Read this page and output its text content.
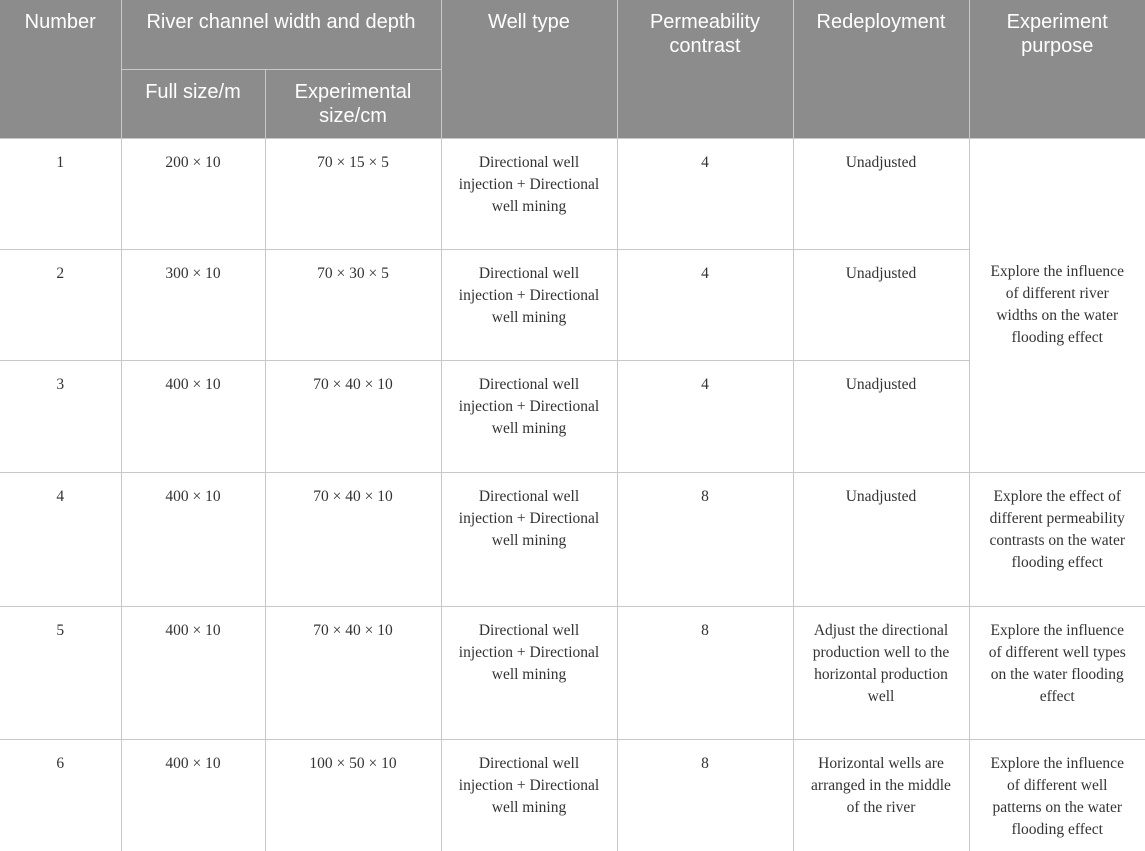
Number	River channel width and depth		Well type	Permeability contrast	Redeployment	Experiment purpose
	Full size/m	Experimental size/cm				
1	200 × 10	70 × 15 × 5	Directional well injection + Directional well mining	4	Unadjusted	Explore the influence of different river widths on the water flooding effect
2	300 × 10	70 × 30 × 5	Directional well injection + Directional well mining	4	Unadjusted	
3	400 × 10	70 × 40 × 10	Directional well injection + Directional well mining	4	Unadjusted	
4	400 × 10	70 × 40 × 10	Directional well injection + Directional well mining	8	Unadjusted	Explore the effect of different permeability contrasts on the water flooding effect
5	400 × 10	70 × 40 × 10	Directional well injection + Directional well mining	8	Adjust the directional production well to the horizontal production well	Explore the influence of different well types on the water flooding effect
6	400 × 10	100 × 50 × 10	Directional well injection + Directional well mining	8	Horizontal wells are arranged in the middle of the river	Explore the influence of different well patterns on the water flooding effect
